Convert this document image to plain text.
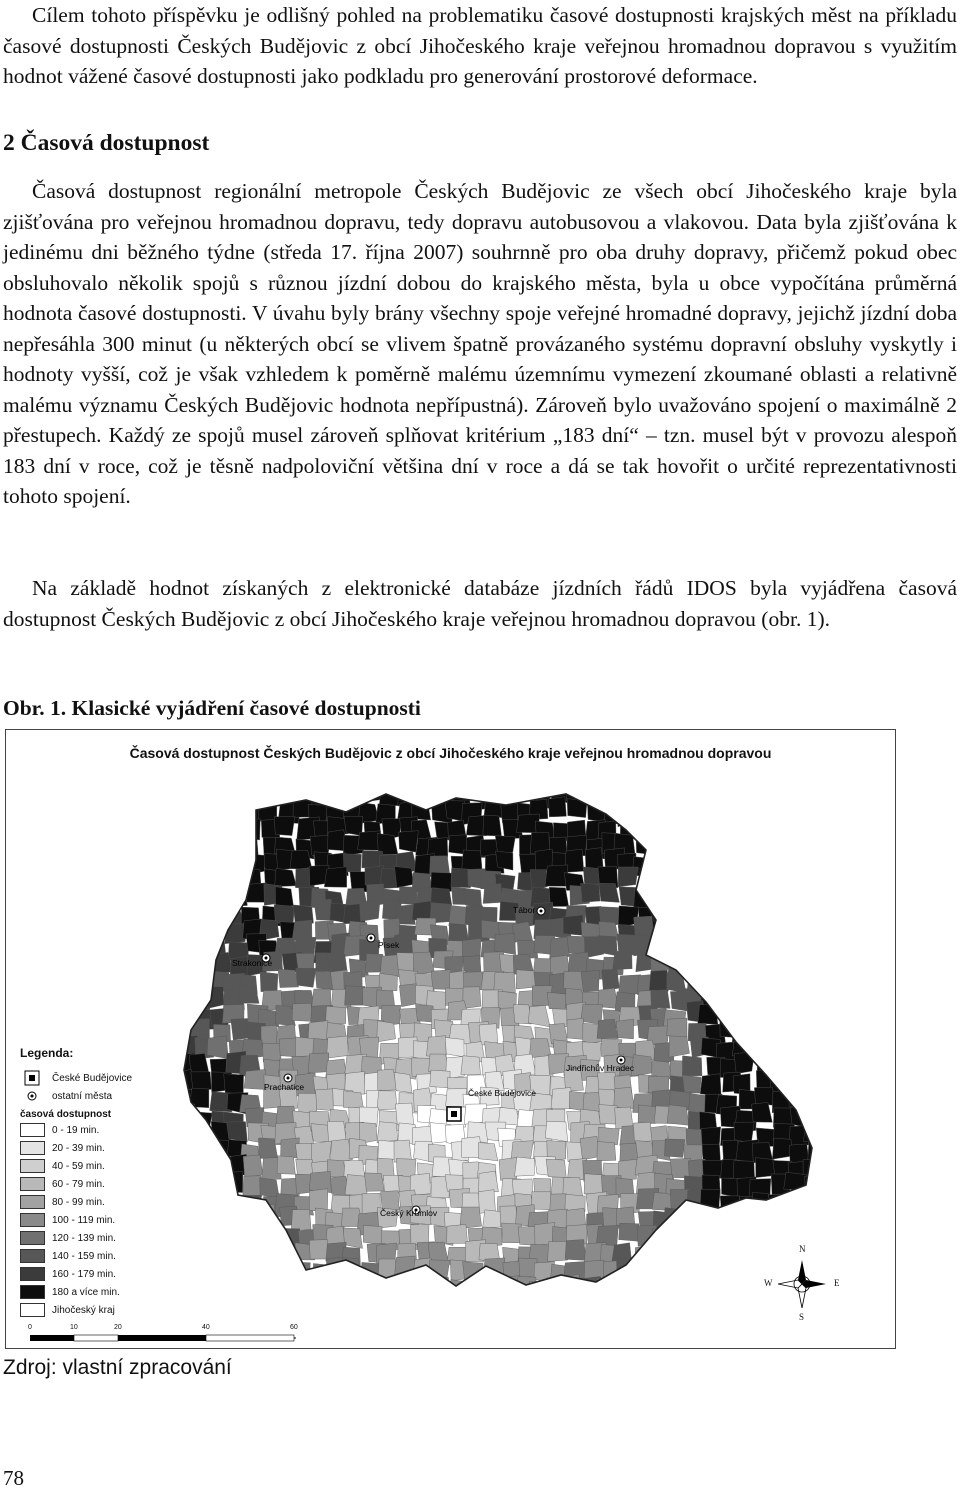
Cílem tohoto příspěvku je odlišný pohled na problematiku časové dostupnosti krajských měst na příkladu časové dostupnosti Českých Budějovic z obcí Jihočeského kraje veřejnou hromadnou dopravou s využitím hodnot vážené časové dostupnosti jako podkladu pro generování prostorové deformace.

2 Časová dostupnost

Časová dostupnost regionální metropole Českých Budějovic ze všech obcí Jihočeského kraje byla zjišťována pro veřejnou hromadnou dopravu, tedy dopravu autobusovou a vlakovou. Data byla zjišťována k jedinému dni běžného týdne (středa 17. října 2007) souhrnně pro oba druhy dopravy, přičemž pokud obec obsluhovalo několik spojů s různou jízdní dobou do krajského města, byla u obce vypočítána průměrná hodnota časové dostupnosti. V úvahu byly brány všechny spoje veřejné hromadné dopravy, jejichž jízdní doba nepřesáhla 300 minut (u některých obcí se vlivem špatně provázaného systému dopravní obsluhy vyskytly i hodnoty vyšší, což je však vzhledem k poměrně malému územnímu vymezení zkoumané oblasti a relativně malému významu Českých Budějovic hodnota nepřípustná). Zároveň bylo uvažováno spojení o maximálně 2 přestupech. Každý ze spojů musel zároveň splňovat kritérium „183 dní“ – tzn. musel být v provozu alespoň 183 dní v roce, což je těsně nadpoloviční většina dní v roce a dá se tak hovořit o určité reprezentativnosti tohoto spojení.

Na základě hodnot získaných z elektronické databáze jízdních řádů IDOS byla vyjádřena časová dostupnost Českých Budějovic z obcí Jihočeského kraje veřejnou hromadnou dopravou (obr. 1).

Obr. 1. Klasické vyjádření časové dostupnosti
Časová dostupnost Českých Budějovic z obcí Jihočeského kraje veřejnou hromadnou dopravou
České Budějovice
Tábor
Písek
Strakonice
Prachatice
Jindřichův Hradec
Český Krumlov
Legenda:
České Budějovice
ostatní města
časová dostupnost
0 - 19 min.
20 - 39 min.
40 - 59 min.
60 - 79 min.
80 - 99 min.
100 - 119 min.
120 - 139 min.
140 - 159 min.
160 - 179 min.
180 a více min.
Jihočeský kraj
0	10	20	40	60
N
S
W	E
Zdroj: vlastní zpracování
78
